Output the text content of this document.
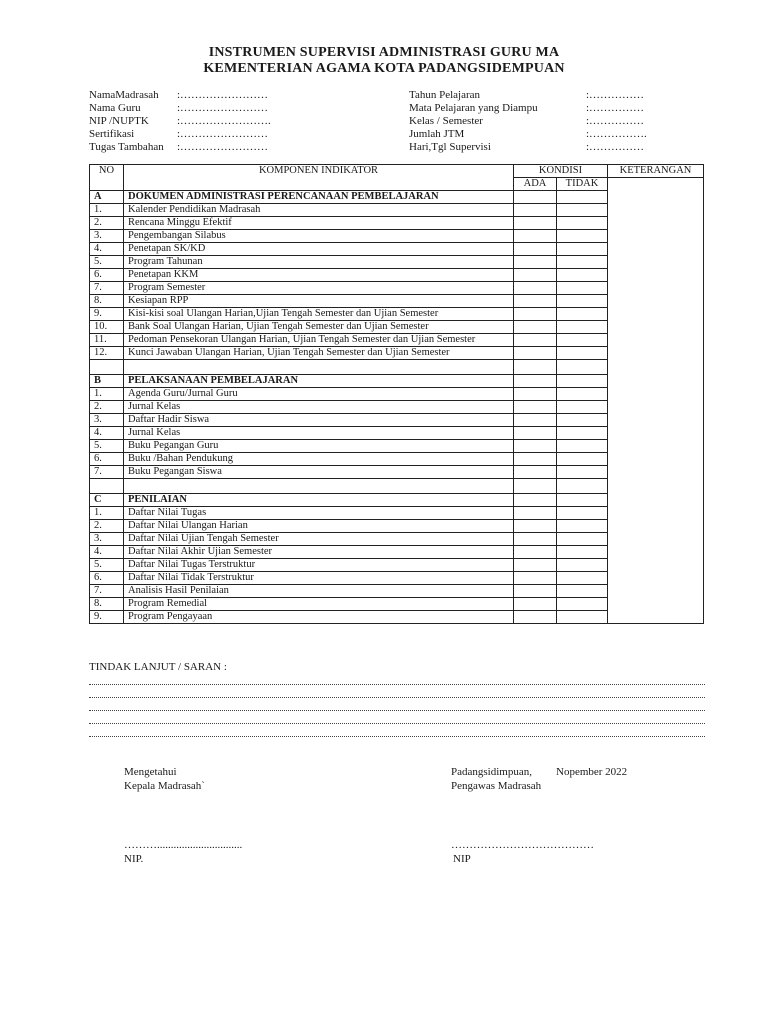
INSTRUMEN SUPERVISI ADMINISTRASI GURU MA
KEMENTERIAN AGAMA KOTA PADANGSIDEMPUAN
NamaMadrasah :……………………
Nama Guru	:……………………
NIP /NUPTK	:…………………….
Sertifikasi	:……………………
Tugas Tambahan :……………………
Tahun Pelajaran	:……………
Mata Pelajaran yang Diampu	:……………
Kelas / Semester	:……………
Jumlah JTM	:…………….
Hari,Tgl Supervisi	:……………
NO	KOMPONEN INDIKATOR	KONDISI		KETERANGAN
		ADA	TIDAK	
A	DOKUMEN ADMINISTRASI PERENCANAAN PEMBELAJARAN			
1.	Kalender Pendidikan Madrasah			
2.	Rencana Minggu Efektif			
3.	Pengembangan Silabus			
4.	Penetapan SK/KD			
5.	Program Tahunan			
6.	Penetapan KKM			
7.	Program Semester			
8.	Kesiapan RPP			
9.	Kisi-kisi soal Ulangan Harian,Ujian Tengah Semester dan Ujian Semester			
10.	Bank Soal Ulangan Harian, Ujian Tengah Semester dan Ujian Semester			
11.	Pedoman Pensekoran Ulangan Harian, Ujian Tengah Semester dan Ujian Semester			
12.	Kunci Jawaban Ulangan Harian, Ujian Tengah Semester dan Ujian Semester			

B	PELAKSANAAN PEMBELAJARAN			
1.	Agenda Guru/Jurnal Guru			
2.	Jurnal Kelas			
3.	Daftar Hadir Siswa			
4.	Jurnal Kelas			
5.	Buku Pegangan Guru			
6.	Buku /Bahan Pendukung			
7.	Buku Pegangan Siswa			

C	PENILAIAN			
1.	Daftar Nilai Tugas			
2.	Daftar Nilai Ulangan Harian			
3.	Daftar Nilai Ujian Tengah Semester			
4.	Daftar Nilai Akhir Ujian Semester			
5.	Daftar Nilai Tugas Terstruktur			
6.	Daftar Nilai Tidak Terstruktur			
7.	Analisis Hasil Penilaian			
8.	Program Remedial			
9.	Program Pengayaan			
TINDAK LANJUT / SARAN :
Mengetahui
Kepala Madrasah`
………...............................
NIP.
Padangsidimpuan, Nopember 2022
Pengawas Madrasah
…………………………………
NIP
